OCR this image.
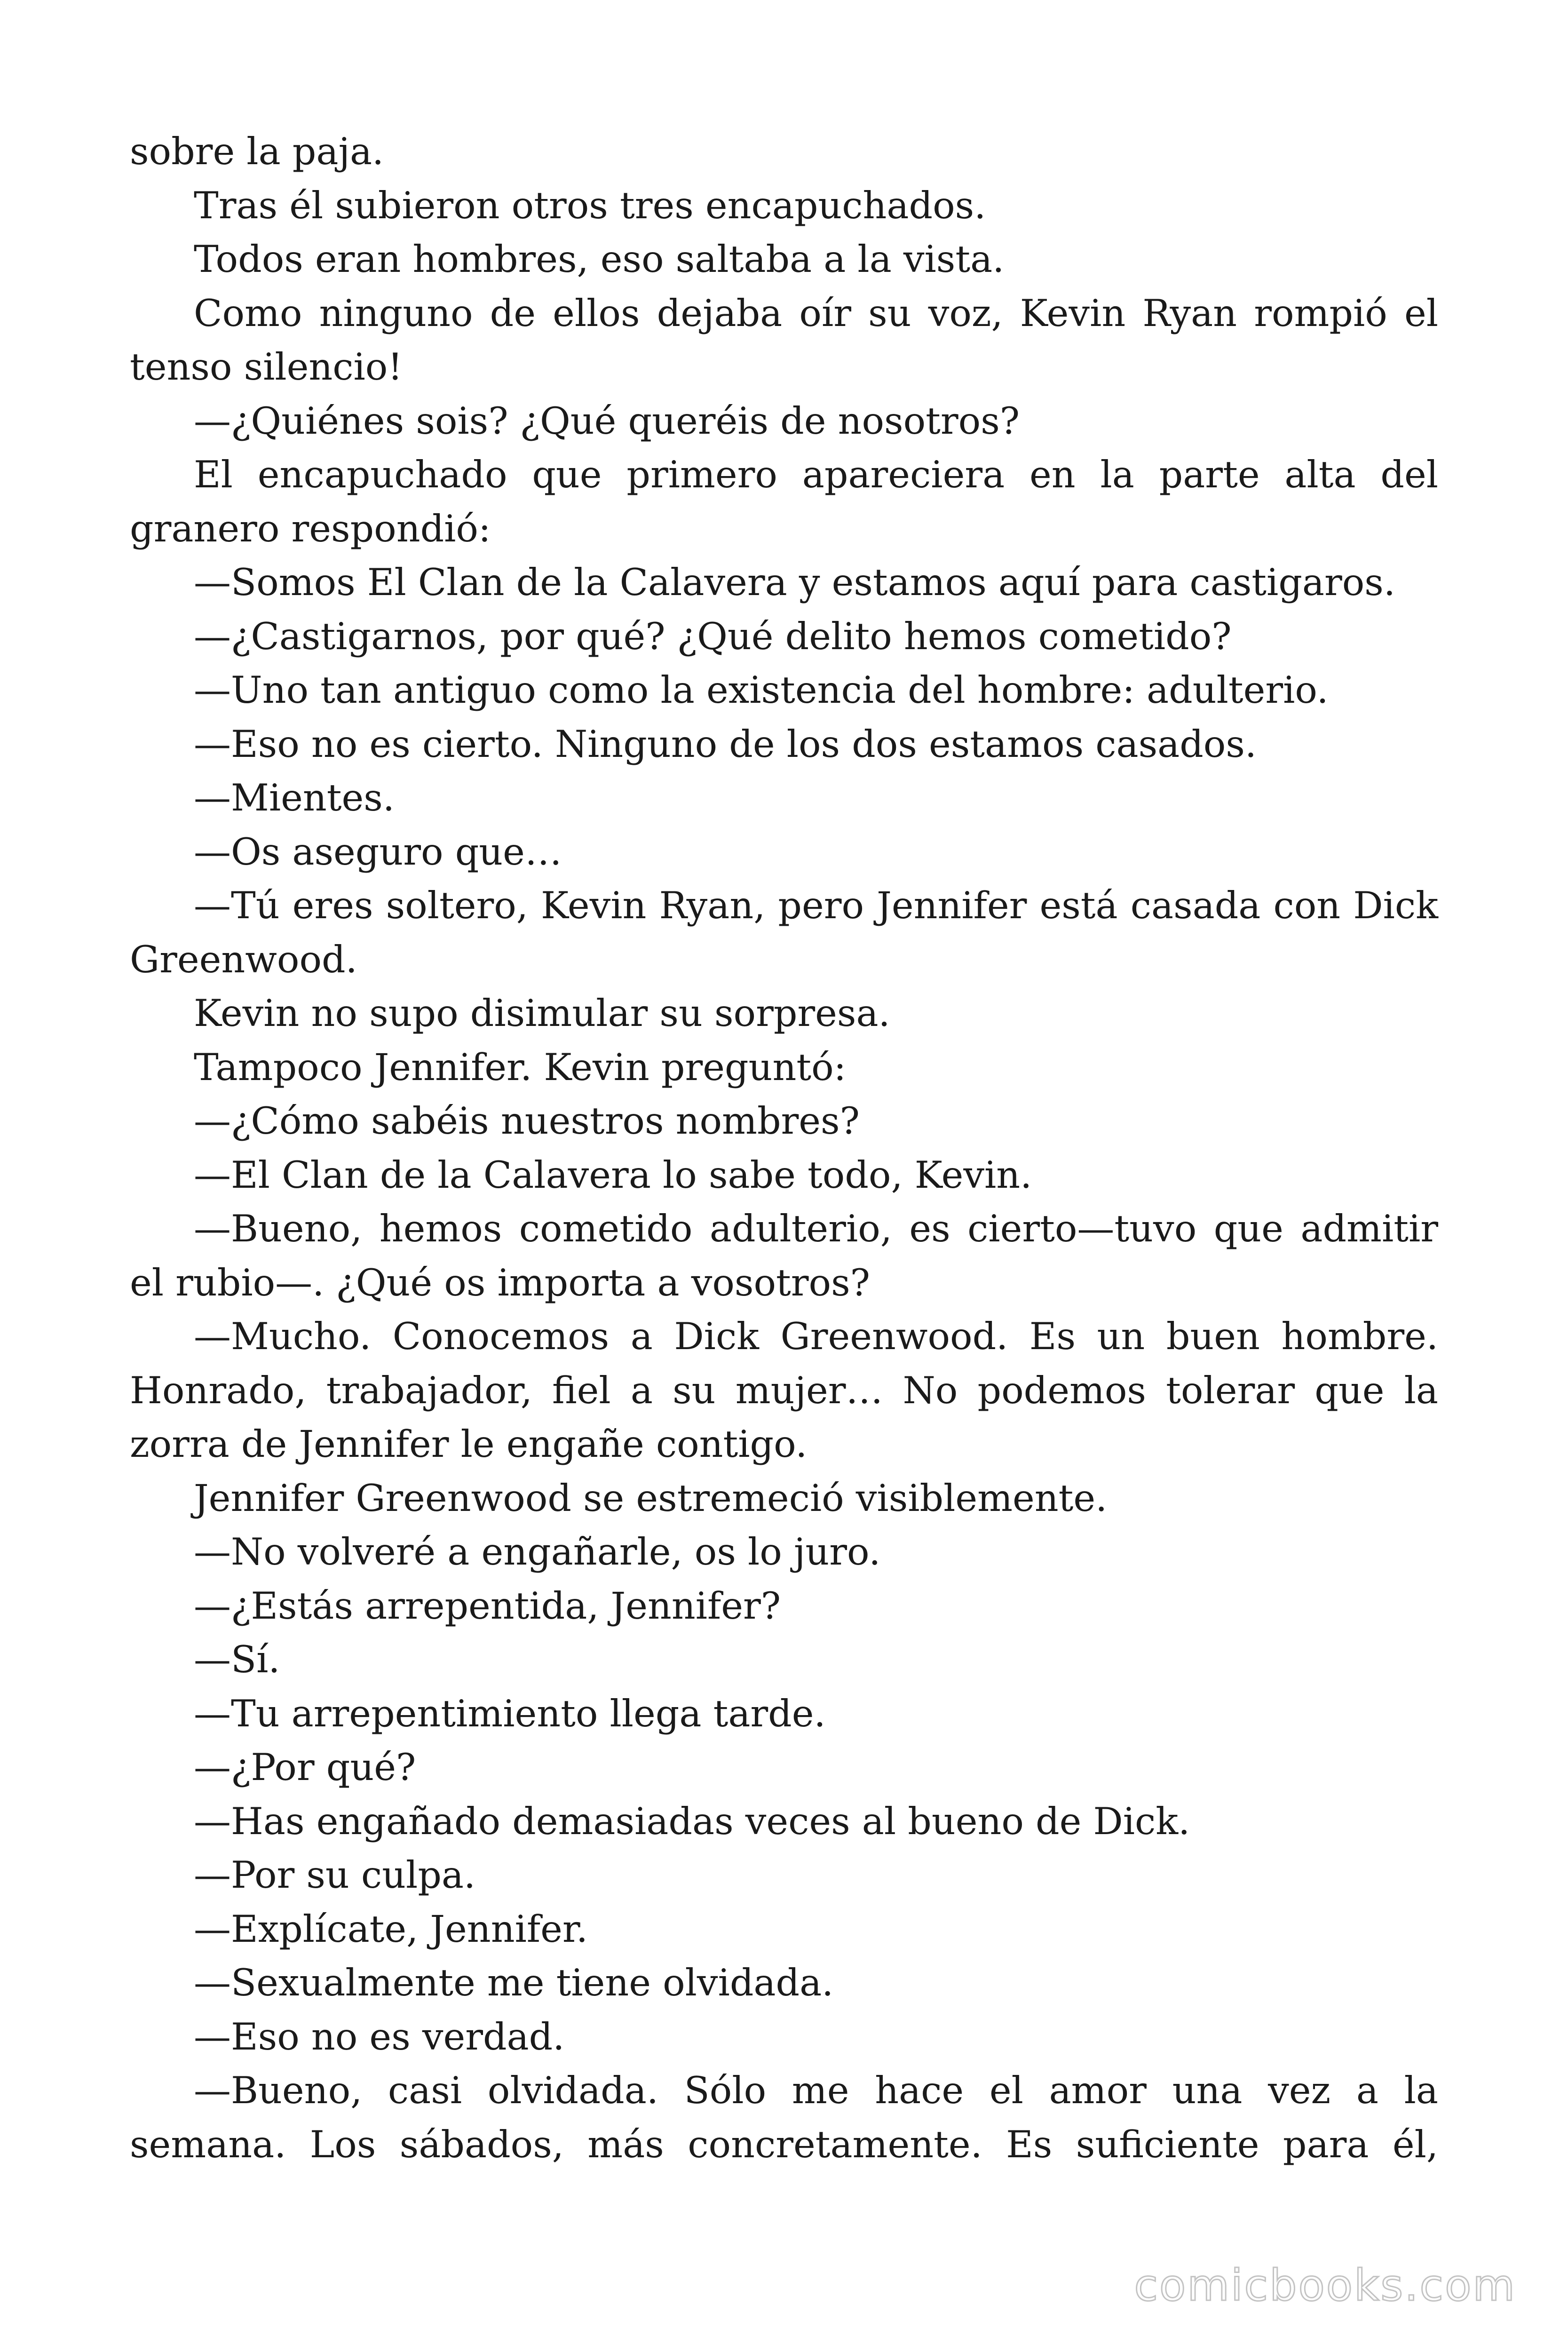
sobre la paja.

Tras él subieron otros tres encapuchados.

Todos eran hombres, eso saltaba a la vista.

Como ninguno de ellos dejaba oír su voz, Kevin Ryan rompió el tenso silencio!

—¿Quiénes sois? ¿Qué queréis de nosotros?

El encapuchado que primero apareciera en la parte alta del granero respondió:

—Somos El Clan de la Calavera y estamos aquí para castigaros.

—¿Castigarnos, por qué? ¿Qué delito hemos cometido?

—Uno tan antiguo como la existencia del hombre: adulterio.

—Eso no es cierto. Ninguno de los dos estamos casados.

—Mientes.

—Os aseguro que…

—Tú eres soltero, Kevin Ryan, pero Jennifer está casada con Dick Greenwood.

Kevin no supo disimular su sorpresa.

Tampoco Jennifer. Kevin preguntó:

—¿Cómo sabéis nuestros nombres?

—El Clan de la Calavera lo sabe todo, Kevin.

—Bueno, hemos cometido adulterio, es cierto—tuvo que admitir el rubio—. ¿Qué os importa a vosotros?

—Mucho. Conocemos a Dick Greenwood. Es un buen hombre. Honrado, trabajador, fiel a su mujer… No podemos tolerar que la zorra de Jennifer le engañe contigo.

Jennifer Greenwood se estremeció visiblemente.

—No volveré a engañarle, os lo juro.

—¿Estás arrepentida, Jennifer?

—Sí.

—Tu arrepentimiento llega tarde.

—¿Por qué?

—Has engañado demasiadas veces al bueno de Dick.

—Por su culpa.

—Explícate, Jennifer.

—Sexualmente me tiene olvidada.

—Eso no es verdad.

—Bueno, casi olvidada. Sólo me hace el amor una vez a la semana. Los sábados, más concretamente. Es suficiente para él,

comicbooks.com
